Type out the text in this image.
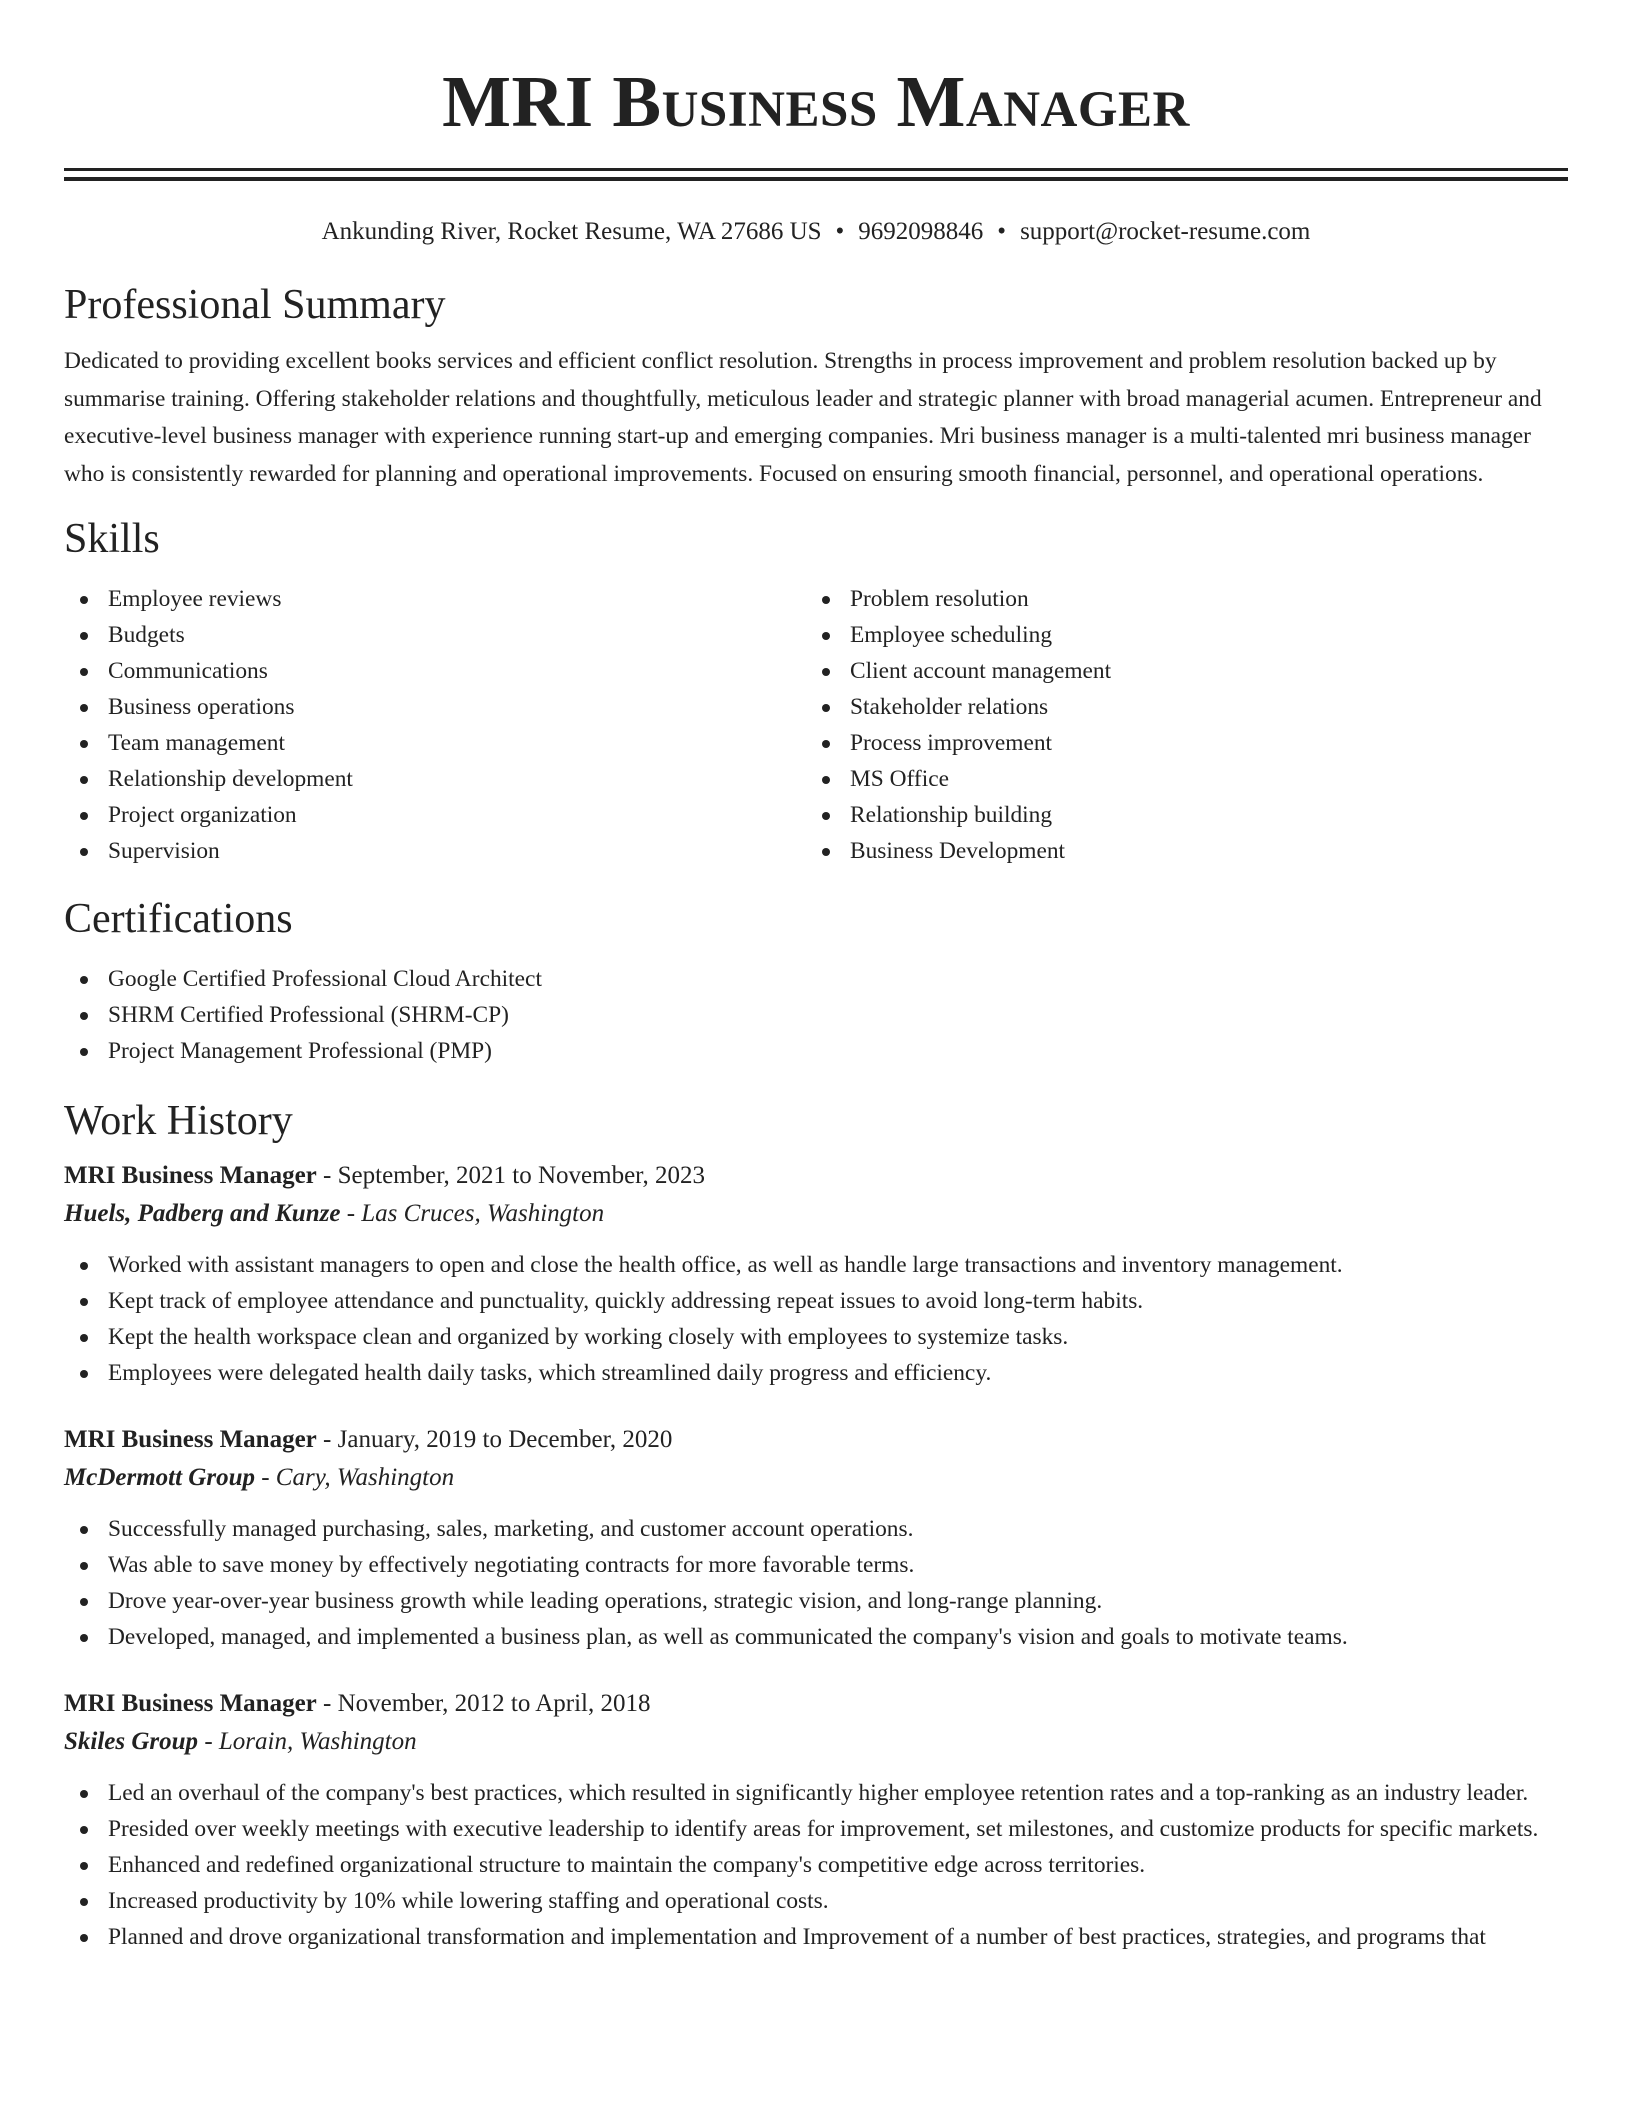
MRI Business Manager
Ankunding River, Rocket Resume, WA 27686 US • 9692098846 • support@rocket-resume.com
Professional Summary
Dedicated to providing excellent books services and efficient conflict resolution. Strengths in process improvement and problem resolution backed up by summarise training. Offering stakeholder relations and thoughtfully, meticulous leader and strategic planner with broad managerial acumen. Entrepreneur and executive-level business manager with experience running start-up and emerging companies. Mri business manager is a multi-talented mri business manager who is consistently rewarded for planning and operational improvements. Focused on ensuring smooth financial, personnel, and operational operations.
Skills
Employee reviews
Budgets
Communications
Business operations
Team management
Relationship development
Project organization
Supervision
Problem resolution
Employee scheduling
Client account management
Stakeholder relations
Process improvement
MS Office
Relationship building
Business Development
Certifications
Google Certified Professional Cloud Architect
SHRM Certified Professional (SHRM-CP)
Project Management Professional (PMP)
Work History
MRI Business Manager - September, 2021 to November, 2023
Huels, Padberg and Kunze - Las Cruces, Washington
Worked with assistant managers to open and close the health office, as well as handle large transactions and inventory management.
Kept track of employee attendance and punctuality, quickly addressing repeat issues to avoid long-term habits.
Kept the health workspace clean and organized by working closely with employees to systemize tasks.
Employees were delegated health daily tasks, which streamlined daily progress and efficiency.
MRI Business Manager - January, 2019 to December, 2020
McDermott Group - Cary, Washington
Successfully managed purchasing, sales, marketing, and customer account operations.
Was able to save money by effectively negotiating contracts for more favorable terms.
Drove year-over-year business growth while leading operations, strategic vision, and long-range planning.
Developed, managed, and implemented a business plan, as well as communicated the company's vision and goals to motivate teams.
MRI Business Manager - November, 2012 to April, 2018
Skiles Group - Lorain, Washington
Led an overhaul of the company's best practices, which resulted in significantly higher employee retention rates and a top-ranking as an industry leader.
Presided over weekly meetings with executive leadership to identify areas for improvement, set milestones, and customize products for specific markets.
Enhanced and redefined organizational structure to maintain the company's competitive edge across territories.
Increased productivity by 10% while lowering staffing and operational costs.
Planned and drove organizational transformation and implementation and Improvement of a number of best practices, strategies, and programs that
